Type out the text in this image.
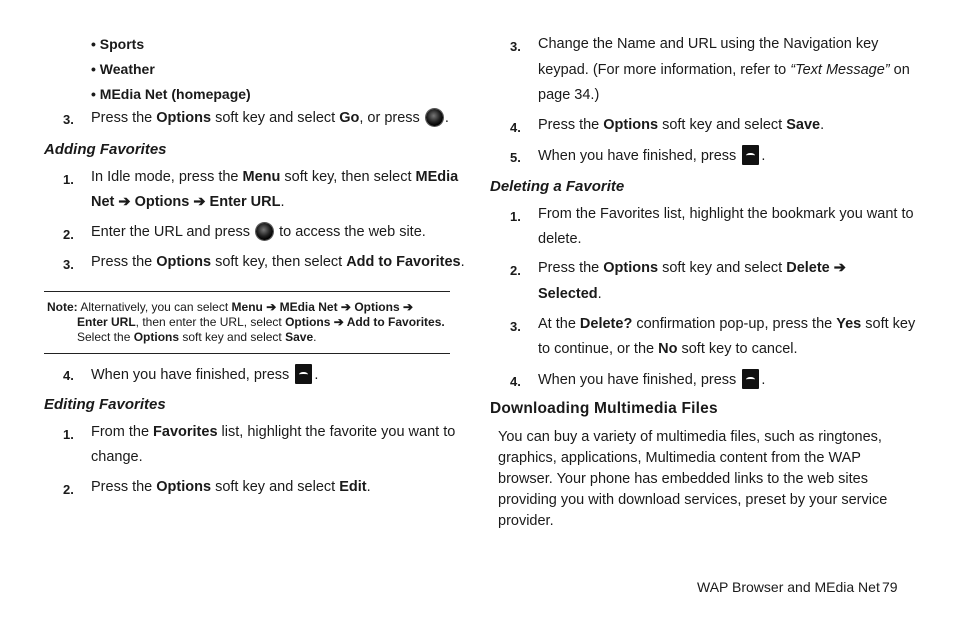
• Sports
• Weather
• MEdia Net (homepage)
3. Press the Options soft key and select Go, or press .
Adding Favorites
1. In Idle mode, press the Menu soft key, then select MEdia
Net ➔ Options ➔ Enter URL.
2. Enter the URL and press  to access the web site.
3. Press the Options soft key, then select Add to Favorites.
Note: Alternatively, you can select Menu ➔ MEdia Net ➔ Options ➔
Enter URL, then enter the URL, select Options ➔ Add to Favorites.
Select the Options soft key and select Save.
4. When you have finished, press .
Editing Favorites
1. From the Favorites list, highlight the favorite you want to
change.
2. Press the Options soft key and select Edit.
3. Change the Name and URL using the Navigation key
keypad. (For more information, refer to “Text Message” on
page 34.)
4. Press the Options soft key and select Save.
5. When you have finished, press .
Deleting a Favorite
1. From the Favorites list, highlight the bookmark you want to
delete.
2. Press the Options soft key and select Delete ➔
Selected.
3. At the Delete? confirmation pop-up, press the Yes soft key
to continue, or the No soft key to cancel.
4. When you have finished, press .
Downloading Multimedia Files
You can buy a variety of multimedia files, such as ringtones,
graphics, applications, Multimedia content from the WAP
browser. Your phone has embedded links to the web sites
providing you with download services, preset by your service
provider.
WAP Browser and MEdia Net 79
